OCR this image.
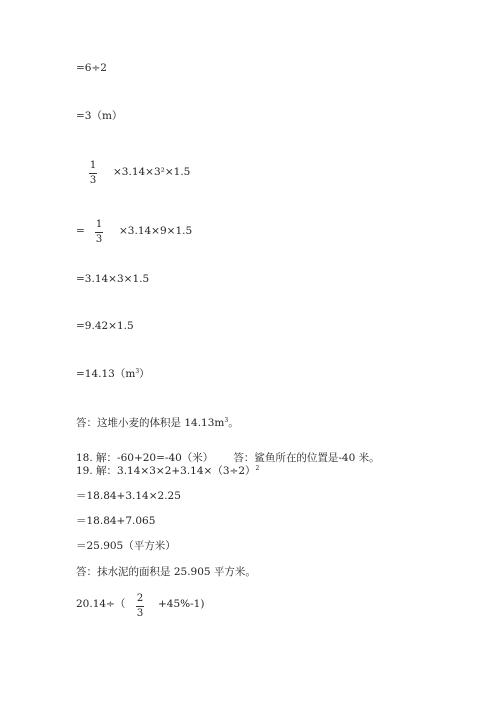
=6÷2
=3（m）
1
3
×3.14×3²×1.5
=
1
3
×3.14×9×1.5
=3.14×3×1.5
=9.42×1.5
$=14.13(m^3)$
答：这堆小麦的体积是 $14.13m^3$。
18. 解：-60+20=-40（米）      答：鲨鱼所在的位置是-40 米。
19. 解：$3.14\times 3\times 2+3.14\times(3\div 2)^2$
＝18.84+3.14×2.25
＝18.84+7.065
＝25.905（平方米）
答：抹水泥的面积是 25.905 平方米。
20.14÷（ 2
3
+45%-1)
